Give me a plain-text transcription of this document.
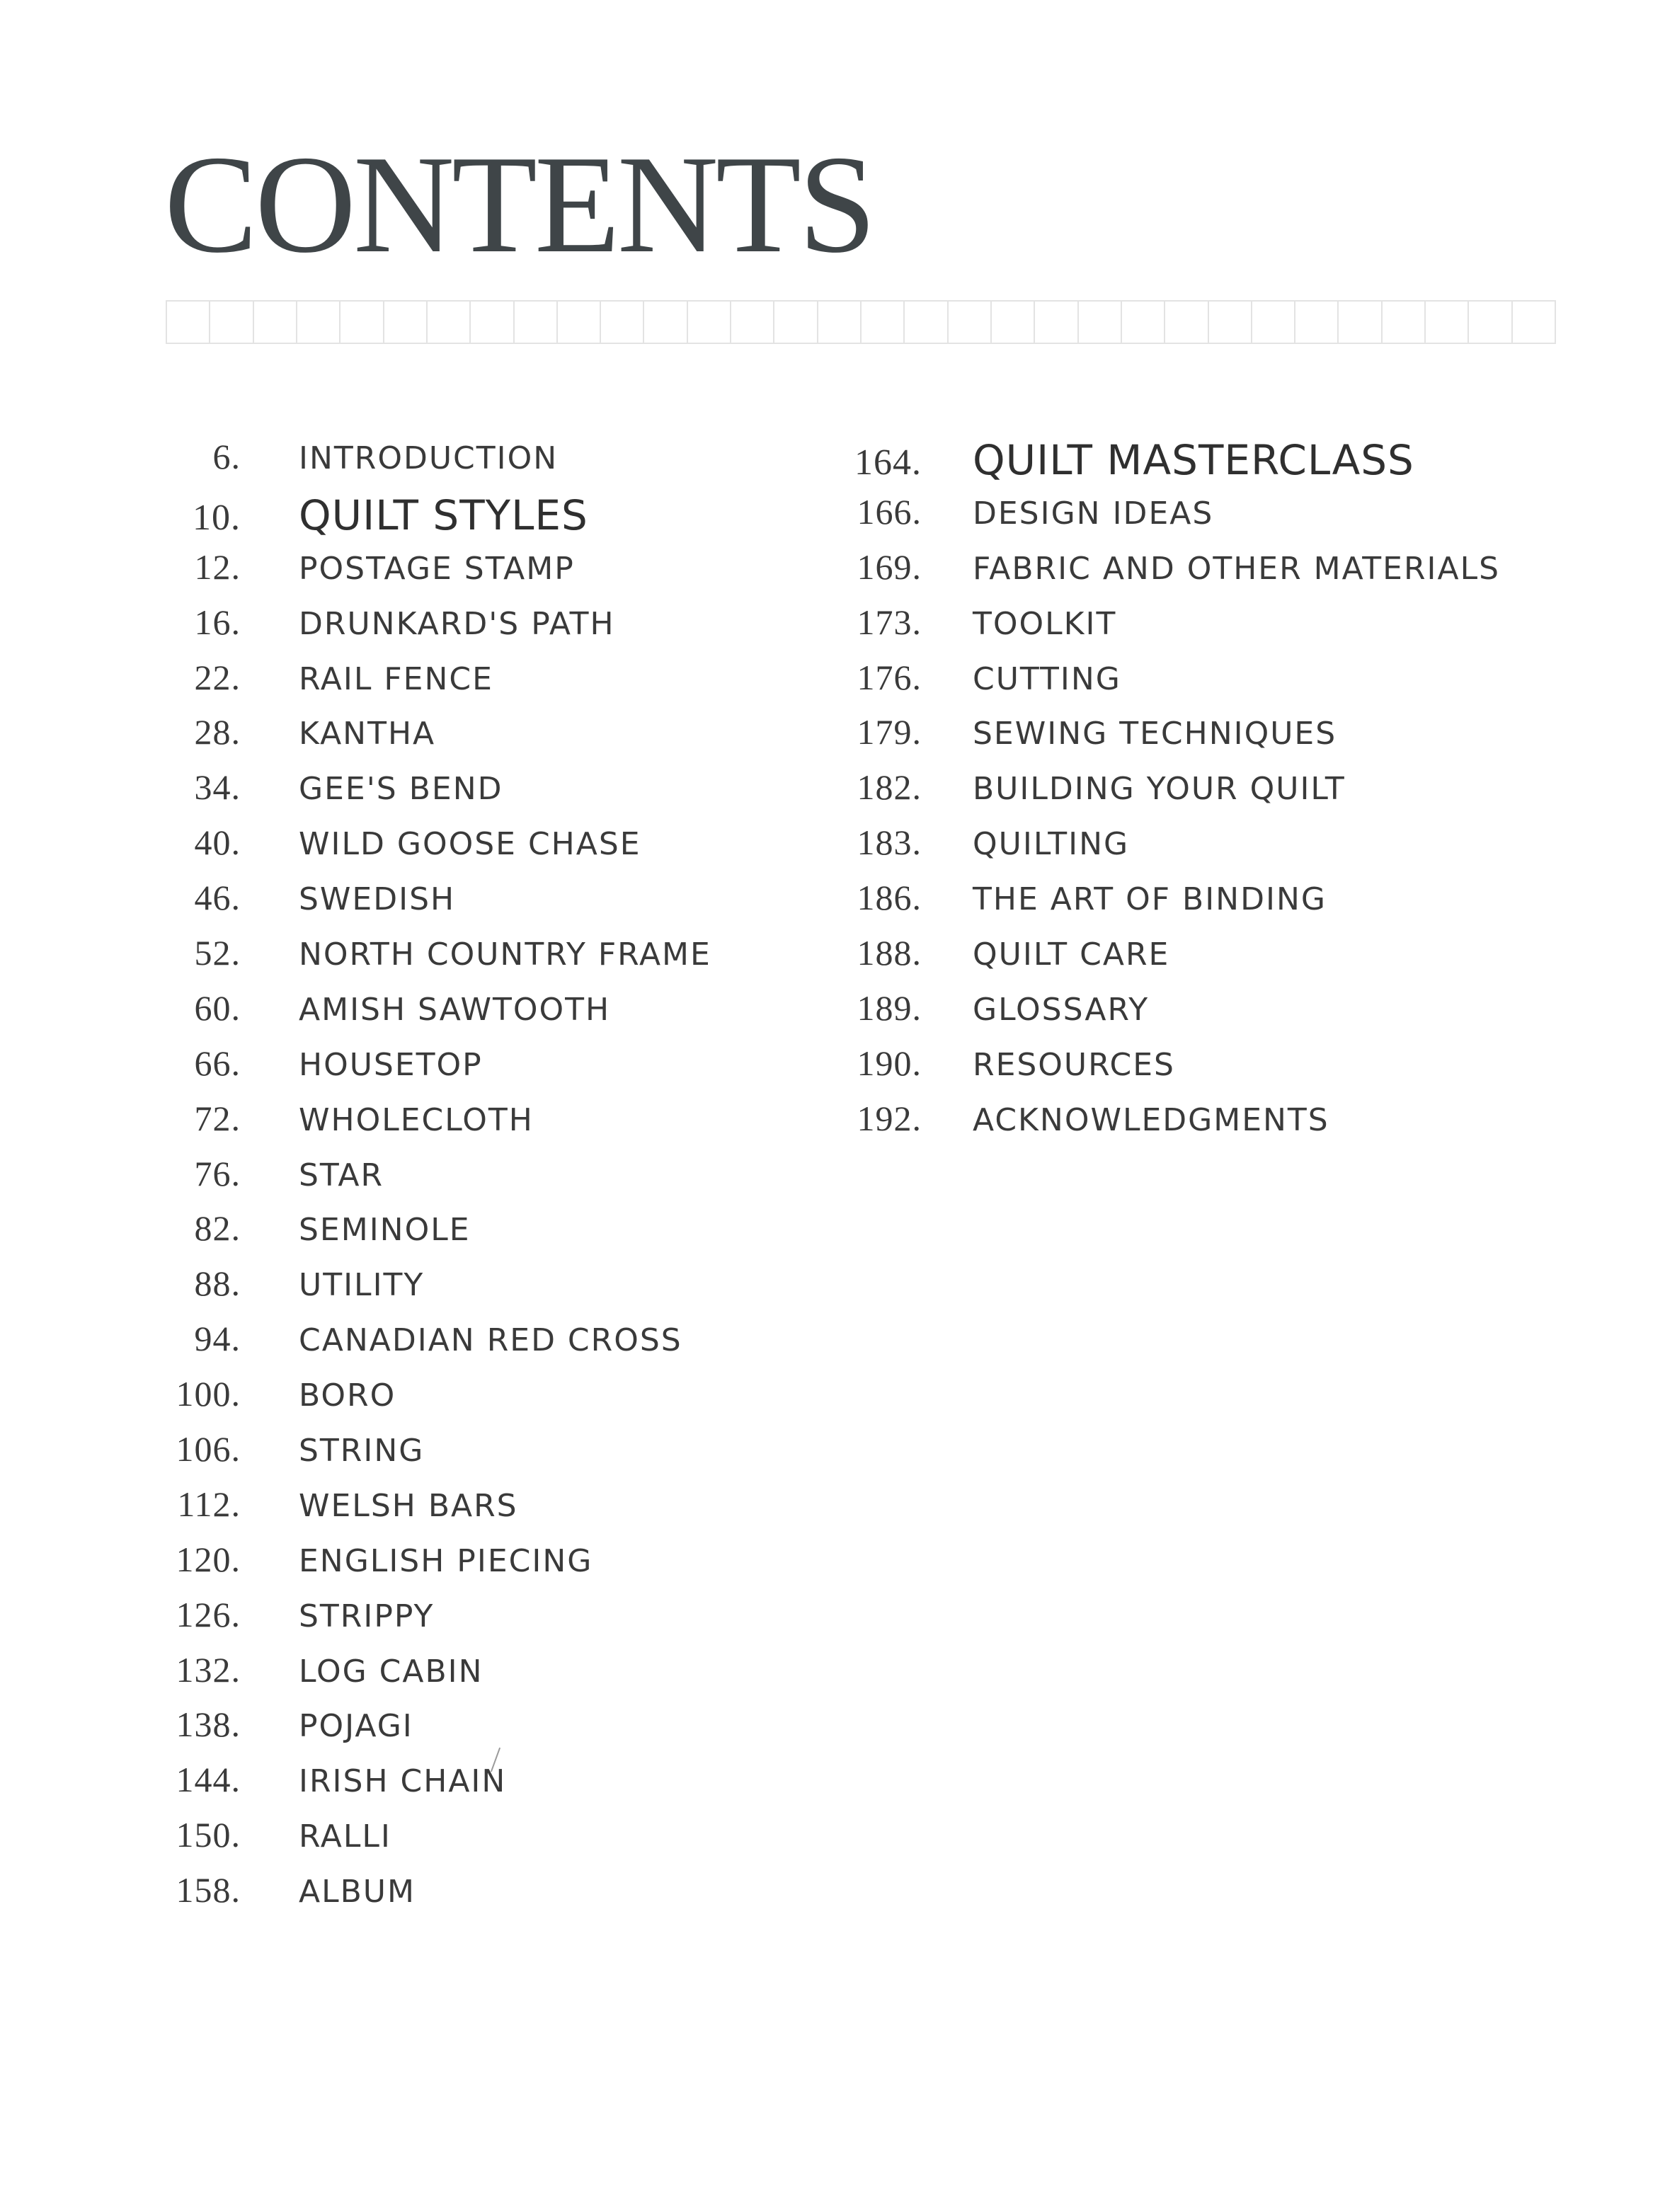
CONTENTS
6. INTRODUCTION
10. QUILT STYLES
12. POSTAGE STAMP
16. DRUNKARD'S PATH
22. RAIL FENCE
28. KANTHA
34. GEE'S BEND
40. WILD GOOSE CHASE
46. SWEDISH
52. NORTH COUNTRY FRAME
60. AMISH SAWTOOTH
66. HOUSETOP
72. WHOLECLOTH
76. STAR
82. SEMINOLE
88. UTILITY
94. CANADIAN RED CROSS
100. BORO
106. STRING
112. WELSH BARS
120. ENGLISH PIECING
126. STRIPPY
132. LOG CABIN
138. POJAGI
144. IRISH CHAIN
150. RALLI
158. ALBUM
164. QUILT MASTERCLASS
166. DESIGN IDEAS
169. FABRIC AND OTHER MATERIALS
173. TOOLKIT
176. CUTTING
179. SEWING TECHNIQUES
182. BUILDING YOUR QUILT
183. QUILTING
186. THE ART OF BINDING
188. QUILT CARE
189. GLOSSARY
190. RESOURCES
192. ACKNOWLEDGMENTS
